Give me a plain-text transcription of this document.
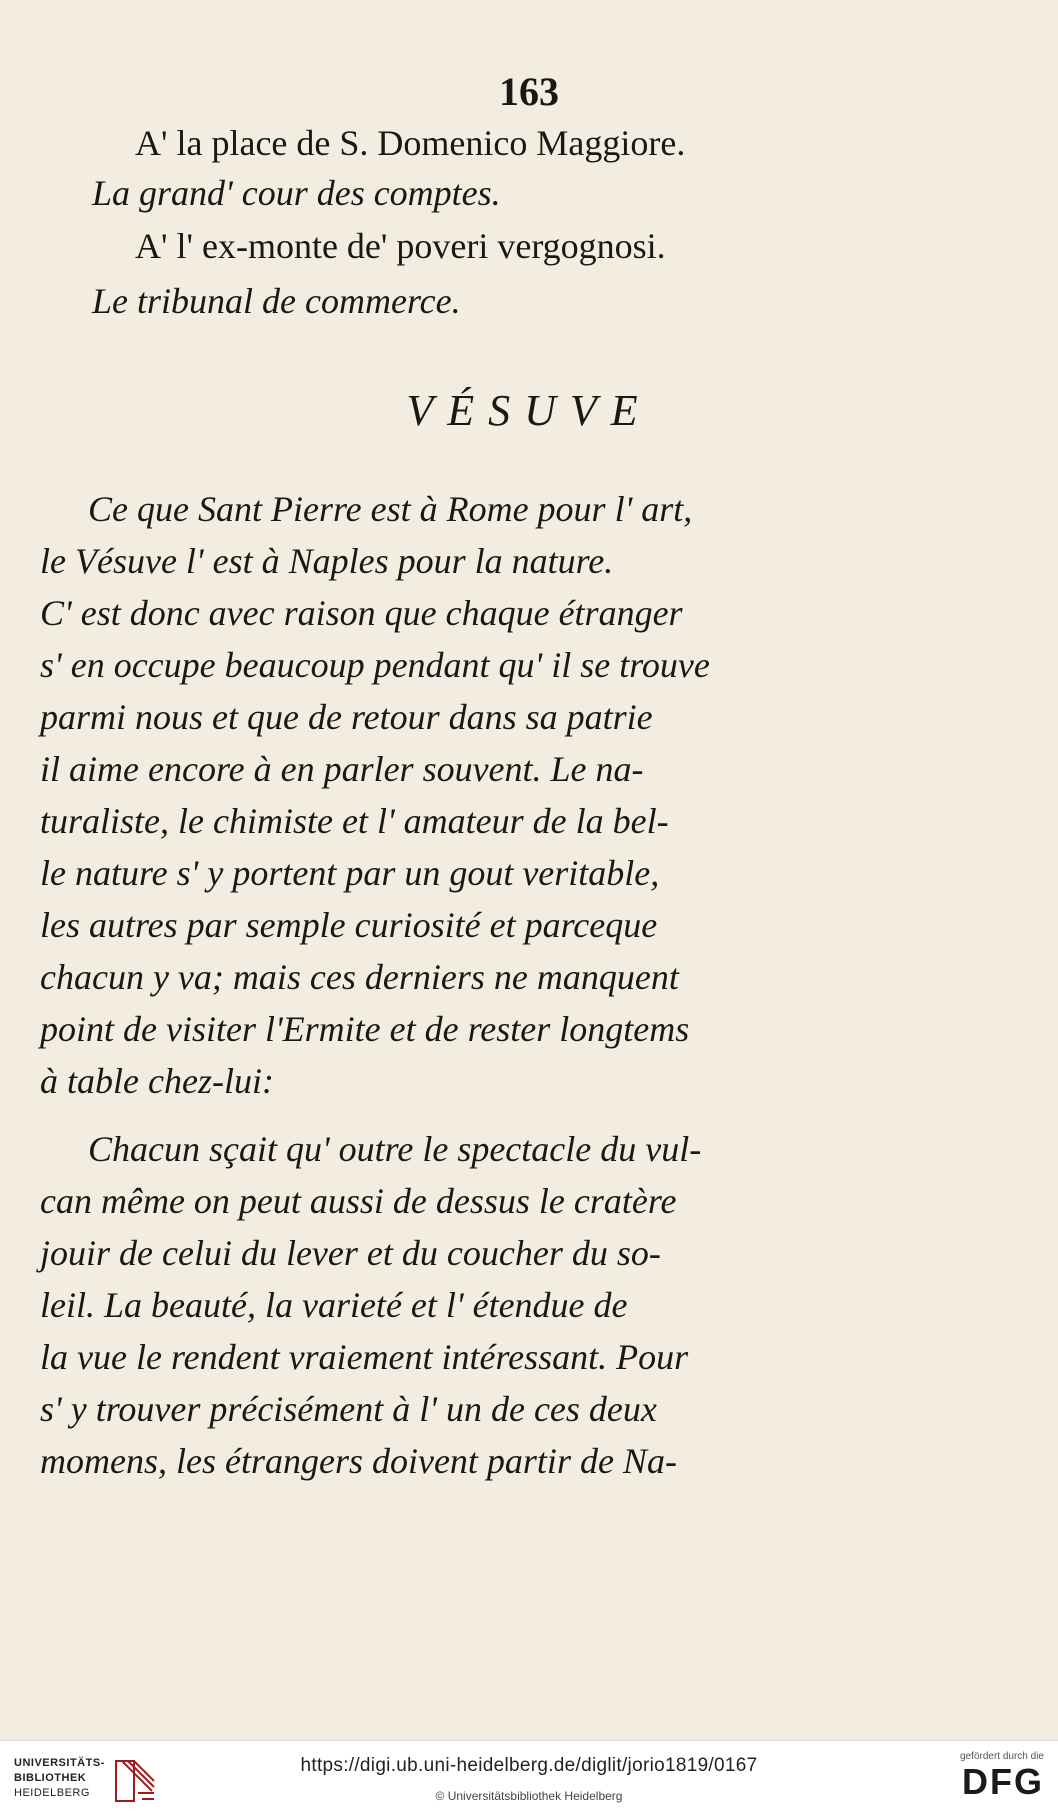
163
A' la place de S. Domenico Maggiore.
La grand' cour des comptes.
A' l' ex-monte de' poveri vergognosi.
Le tribunal de commerce.
VÉSUVE
Ce que Sant Pierre est à Rome pour l' art,
le Vésuve l' est à Naples pour la nature.
C' est donc avec raison que chaque étranger
s' en occupe beaucoup pendant qu' il se trouve
parmi nous et que de retour dans sa patrie
il aime encore à en parler souvent. Le na-
turaliste, le chimiste et l' amateur de la bel-
le nature s' y portent par un gout veritable,
les autres par semple curiosité et parceque
chacun y va; mais ces derniers ne manquent
point de visiter l'Ermite et de rester longtems
à table chez-lui:
Chacun sçait qu' outre le spectacle du vul-
can même on peut aussi de dessus le cratère
jouir de celui du lever et du coucher du so-
leil. La beauté, la varieté et l' étendue de
la vue le rendent vraiement intéressant. Pour
s' y trouver précisément à l' un de ces deux
momens, les étrangers doivent partir de Na-
UNIVERSITÄTS-
BIBLIOTHEK
HEIDELBERG
https://digi.ub.uni-heidelberg.de/diglit/jorio1819/0167
© Universitätsbibliothek Heidelberg
gefördert durch die
DFG
